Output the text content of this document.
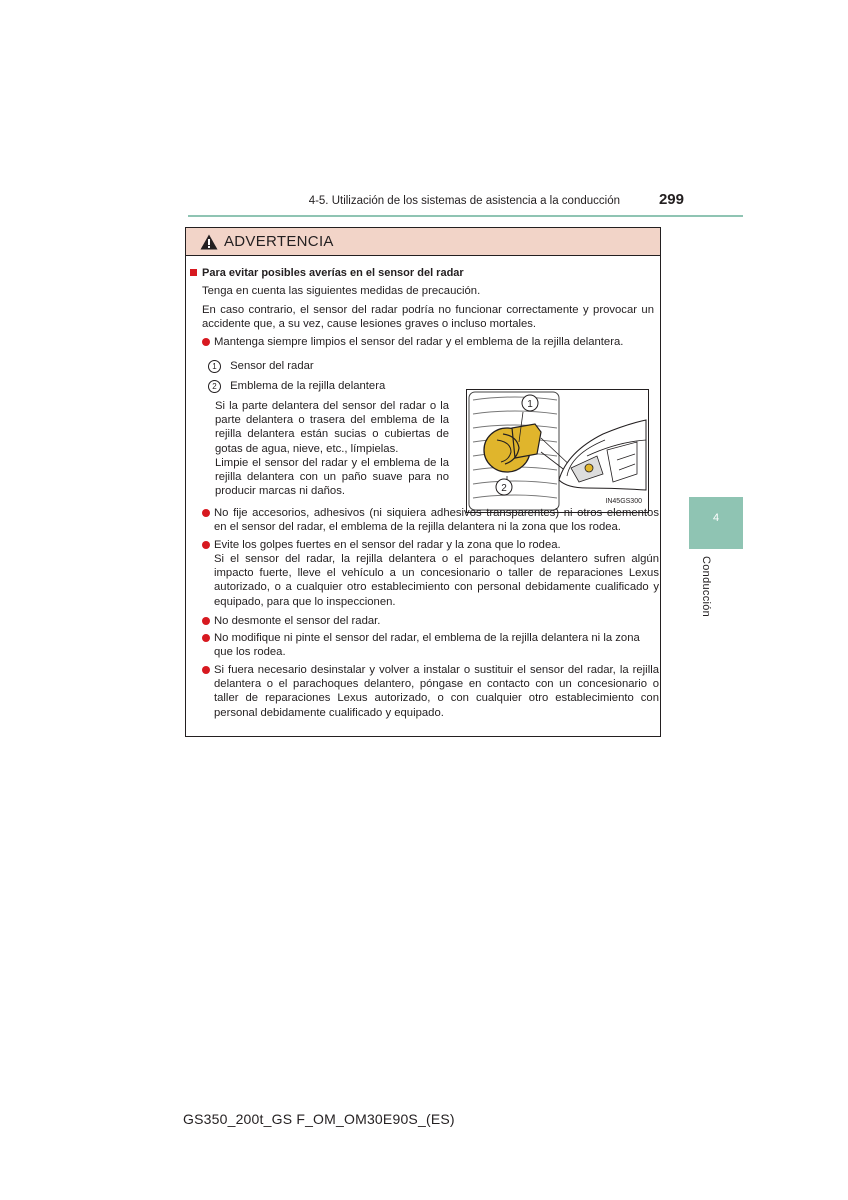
4-5. Utilización de los sistemas de asistencia a la conducción	299
4
Conducción
ADVERTENCIA
Para evitar posibles averías en el sensor del radar
Tenga en cuenta las siguientes medidas de precaución.
En caso contrario, el sensor del radar podría no funcionar correctamente y provocar un accidente que, a su vez, cause lesiones graves o incluso mortales.
Mantenga siempre limpios el sensor del radar y el emblema de la rejilla delantera.
1 Sensor del radar
2 Emblema de la rejilla delantera
Si la parte delantera del sensor del radar o la parte delantera o trasera del emblema de la rejilla delantera están sucias o cubiertas de gotas de agua, nieve, etc., límpielas.
Limpie el sensor del radar y el emblema de la rejilla delantera con un paño suave para no producir marcas ni daños.
1
2
IN45GS300
No fije accesorios, adhesivos (ni siquiera adhesivos transparentes) ni otros elementos en el sensor del radar, el emblema de la rejilla delantera ni la zona que los rodea.
Evite los golpes fuertes en el sensor del radar y la zona que lo rodea.
Si el sensor del radar, la rejilla delantera o el parachoques delantero sufren algún impacto fuerte, lleve el vehículo a un concesionario o taller de reparaciones Lexus autorizado, o a cualquier otro establecimiento con personal debidamente cualificado y equipado, para que lo inspeccionen.
No desmonte el sensor del radar.
No modifique ni pinte el sensor del radar, el emblema de la rejilla delantera ni la zona que los rodea.
Si fuera necesario desinstalar y volver a instalar o sustituir el sensor del radar, la rejilla delantera o el parachoques delantero, póngase en contacto con un concesionario o taller de reparaciones Lexus autorizado, o con cualquier otro establecimiento con personal debidamente cualificado y equipado.
GS350_200t_GS F_OM_OM30E90S_(ES)
